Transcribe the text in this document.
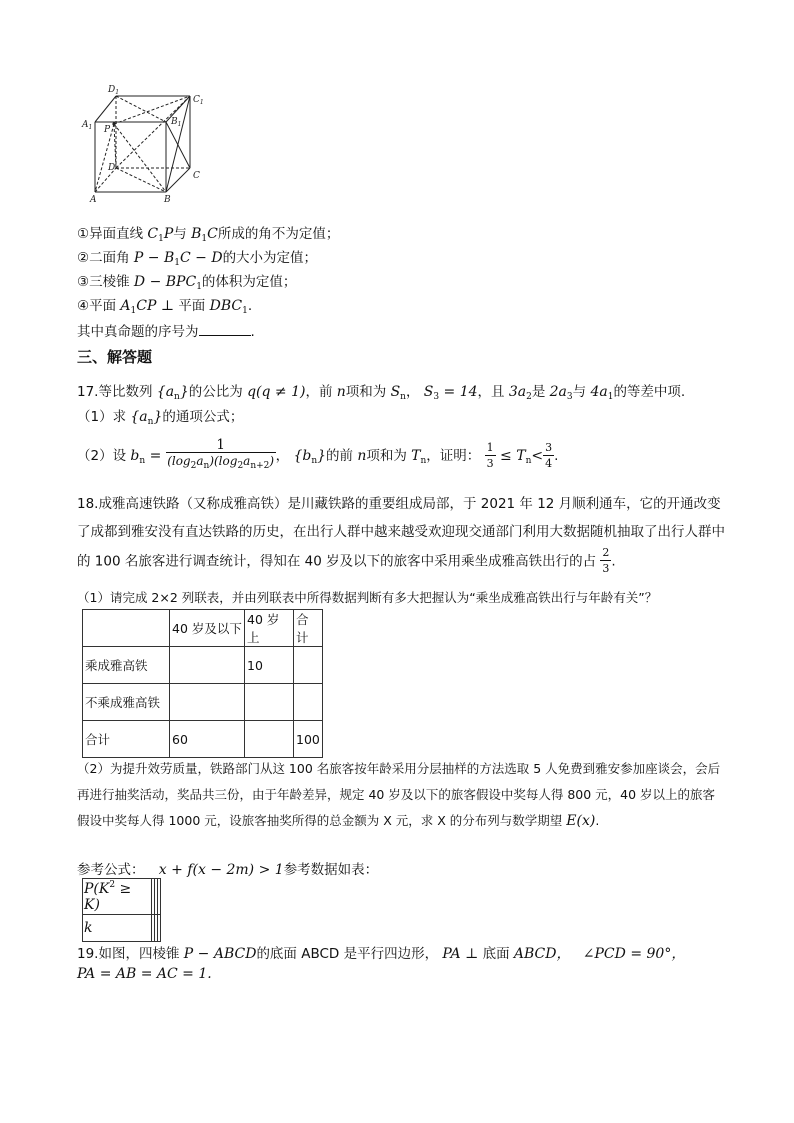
$D_1$
$C_1$
$A_1$
$B_1$
P
D
C
A	B
①异面直线 $C_1P$与 $B_1C$所成的角不为定值；
②二面角 $P - B_1C - D$的大小为定值；
③三棱锥 $D - BPC_1$的体积为定值；
④平面 $A_1CP$ ⊥ 平面 $DBC_1$.
其中真命题的序号为	.
三、解答题
17.等比数列 $\{a_n\}$的公比为 q(q ≠ 1)，前 n项和为 $S_n$， $S_3 = 14$，且 $3a_2$是 $2a_3$与 $4a_1$的等差中项.
（1）求 $\{a_n\}$的通项公式；
（2）设 $b_n = \frac{1}{(\log_2a_n)(\log_2a_{n+2})}$ ， $\{b_n\}$的前 n项和为 $T_n$，证明： $\frac{1}{3} \le T_n< \frac{3}{4}$ .
18.成雅高速铁路（又称成雅高铁）是川藏铁路的重要组成局部，于 2021 年 12 月顺利通车，它的开通改变了成都到雅安没有直达铁路的历史，在出行人群中越来越受欢迎现交通部门利用大数据随机抽取了出行人群中的 100 名旅客进行调查统计，得知在 40 岁及以下的旅客中采用乘坐成雅高铁出行的占 $\frac{2}{3}$ .
（1）请完成 2×2 列联表，并由列联表中所得数据判断有多大把握认为“乘坐成雅高铁出行与年龄有关”？
	40 岁及以下	40 岁上	合计
乘成雅高铁		10	
不乘成雅高铁			
合计	60		100
（2）为提升效劳质量，铁路部门从这 100 名旅客按年龄采用分层抽样的方法选取 5 人免费到雅安参加座谈会，会后再进行抽奖活动，奖品共三份，由于年龄差异，规定 40 岁及以下的旅客假设中奖每人得 800 元，40 岁以上的旅客假设中奖每人得 1000 元，设旅客抽奖所得的总金额为 X 元，求 X 的分布列与数学期望 E(x).
参考公式： x + f(x − 2m) > 1参考数据如表：
$P(K^2 \ge K)$			
k			
19.如图，四棱锥 P − ABCD的底面 ABCD 是平行四边形， PA ⊥ 底面 ABCD， ∠PCD = 90°，
PA = AB = AC = 1.
